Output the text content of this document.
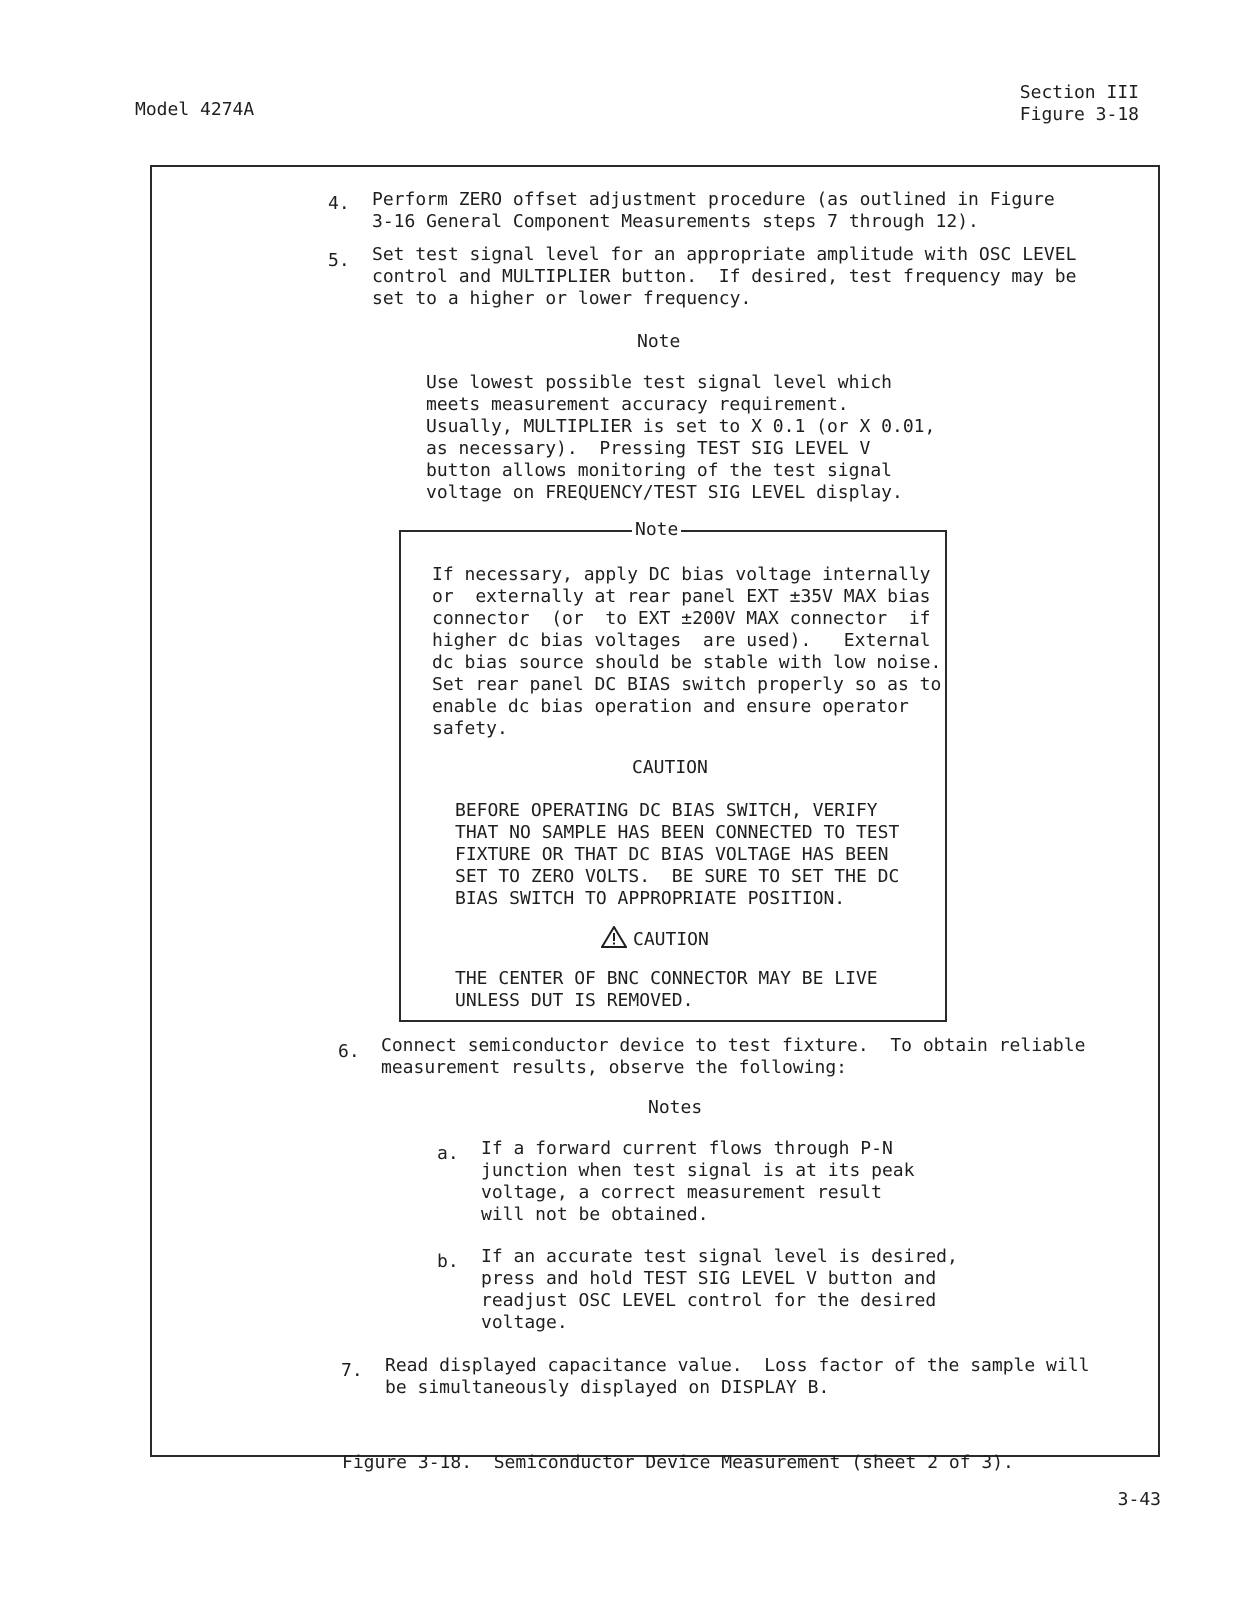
Model 4274A
Section III
Figure 3-18
4.	Perform ZERO offset adjustment procedure (as outlined in Figure
3-16 General Component Measurements steps 7 through 12).
5.	Set test signal level for an appropriate amplitude with OSC LEVEL
control and MULTIPLIER button.  If desired, test frequency may be
set to a higher or lower frequency.
Note
Use lowest possible test signal level which
meets measurement accuracy requirement.
Usually, MULTIPLIER is set to X 0.1 (or X 0.01,
as necessary).  Pressing TEST SIG LEVEL V
button allows monitoring of the test signal
voltage on FREQUENCY/TEST SIG LEVEL display.
Note
If necessary, apply DC bias voltage internally
or  externally at rear panel EXT ±35V MAX bias
connector  (or  to EXT ±200V MAX connector  if
higher dc bias voltages  are used).   External
dc bias source should be stable with low noise.
Set rear panel DC BIAS switch properly so as to
enable dc bias operation and ensure operator
safety.
CAUTION
BEFORE OPERATING DC BIAS SWITCH, VERIFY
THAT NO SAMPLE HAS BEEN CONNECTED TO TEST
FIXTURE OR THAT DC BIAS VOLTAGE HAS BEEN
SET TO ZERO VOLTS.  BE SURE TO SET THE DC
BIAS SWITCH TO APPROPRIATE POSITION.
CAUTION
THE CENTER OF BNC CONNECTOR MAY BE LIVE
UNLESS DUT IS REMOVED.
6.	Connect semiconductor device to test fixture.  To obtain reliable
measurement results, observe the following:
Notes
a. If a forward current flows through P-N
junction when test signal is at its peak
voltage, a correct measurement result
will not be obtained.
b. If an accurate test signal level is desired,
press and hold TEST SIG LEVEL V button and
readjust OSC LEVEL control for the desired
voltage.
7.	Read displayed capacitance value.  Loss factor of the sample will
be simultaneously displayed on DISPLAY B.
Figure 3-18.  Semiconductor Device Measurement (sheet 2 of 3).
3-43
